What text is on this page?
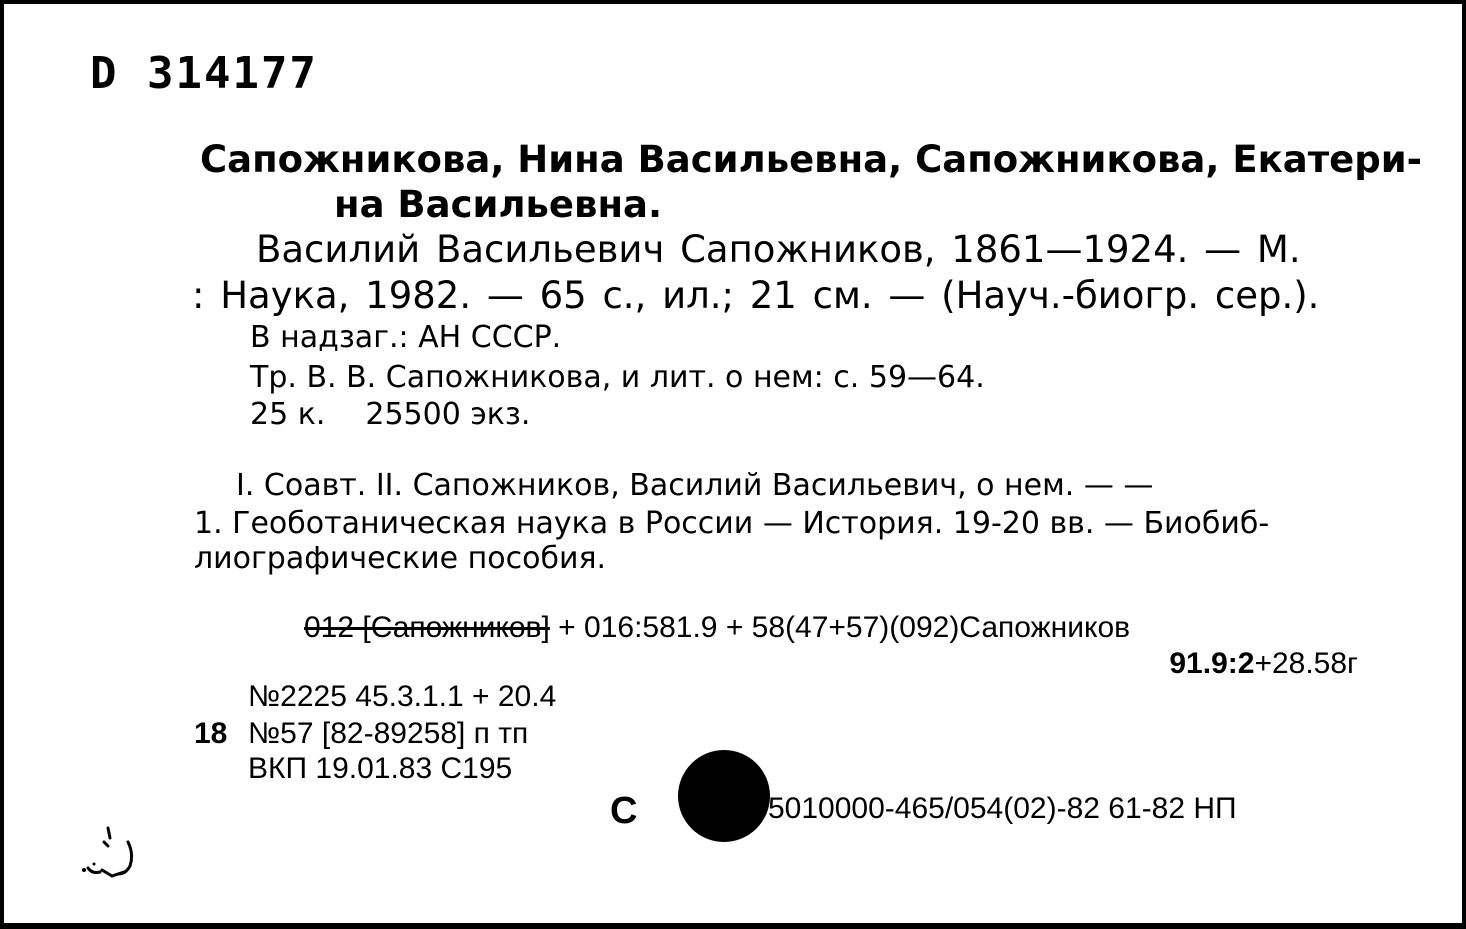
D 314177
Сапожникова, Нина Васильевна, Сапожникова, Екатери-
на Васильевна.
Василий Васильевич Сапожников, 1861—1924. — М.
: Наука, 1982. — 65 с., ил.; 21 см. — (Науч.-биогр. сер.).
В надзаг.: АН СССР.
Тр. В. В. Сапожникова, и лит. о нем: с. 59—64.
25 к. 25500 экз.
I. Соавт. II. Сапожников, Василий Васильевич, о нем. — —
1. Геоботаническая наука в России — История. 19-20 вв. — Биобиб-
лиографические пособия.
012 [Сапожников] + 016:581.9 + 58(47+57)(092)Сапожников
91.9:2+28.58г
№2225 45.3.1.1 + 20.4
18 №57 [82-89258] п тп
ВКП 19.01.83 С195
С	5010000-465/054(02)-82 61-82 НП
